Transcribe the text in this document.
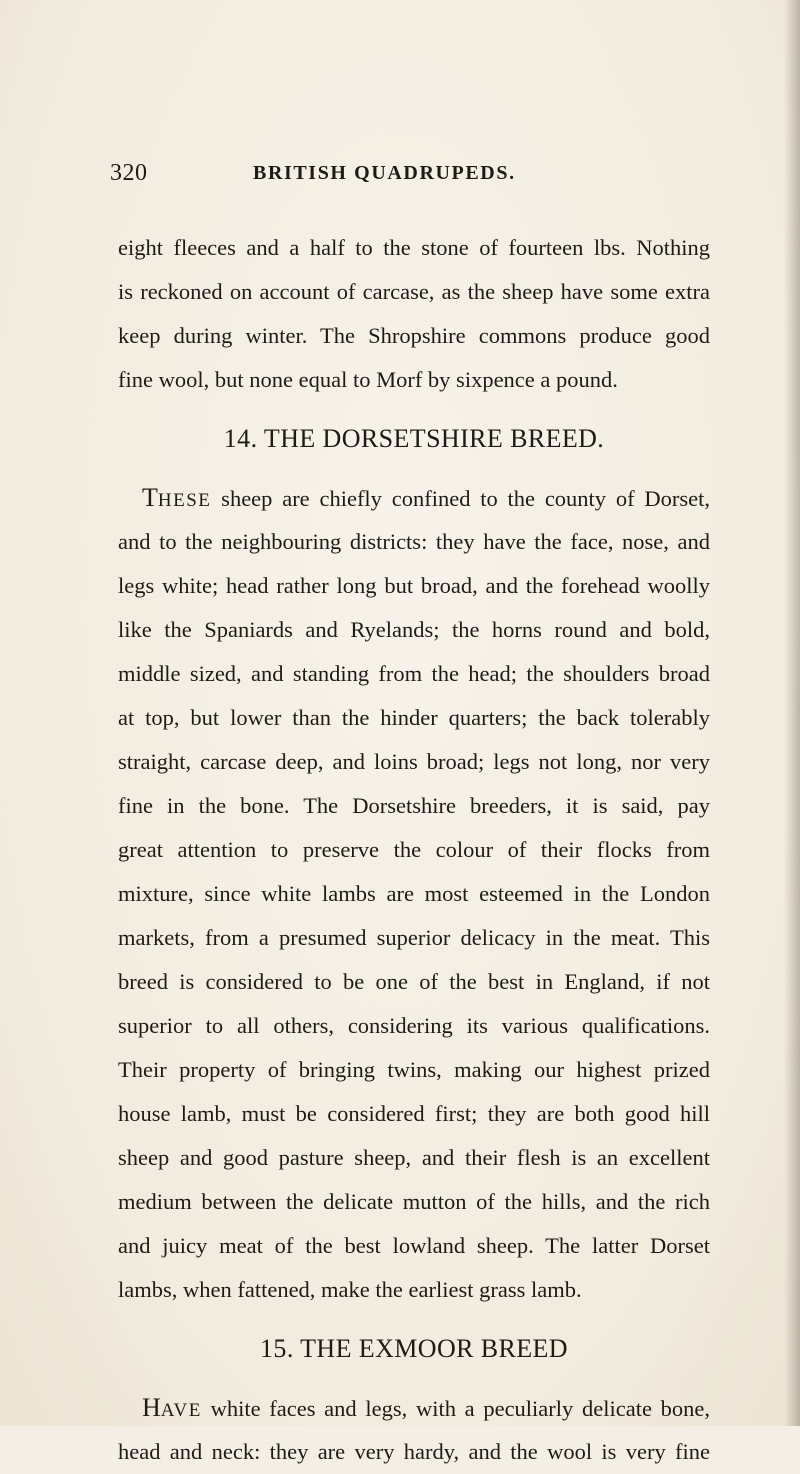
320	BRITISH QUADRUPEDS.
eight fleeces and a half to the stone of fourteen lbs. Nothing
is reckoned on account of carcase, as the sheep have some extra
keep during winter. The Shropshire commons produce good
fine wool, but none equal to Morf by sixpence a pound.
14. THE DORSETSHIRE BREED.
THESE sheep are chiefly confined to the county of Dorset,
and to the neighbouring districts: they have the face, nose, and
legs white; head rather long but broad, and the forehead woolly
like the Spaniards and Ryelands; the horns round and bold,
middle sized, and standing from the head; the shoulders broad
at top, but lower than the hinder quarters; the back tolerably
straight, carcase deep, and loins broad; legs not long, nor very
fine in the bone. The Dorsetshire breeders, it is said, pay
great attention to preserve the colour of their flocks from
mixture, since white lambs are most esteemed in the London
markets, from a presumed superior delicacy in the meat. This
breed is considered to be one of the best in England, if not
superior to all others, considering its various qualifications.
Their property of bringing twins, making our highest prized
house lamb, must be considered first; they are both good hill
sheep and good pasture sheep, and their flesh is an excellent
medium between the delicate mutton of the hills, and the rich
and juicy meat of the best lowland sheep. The latter Dorset
lambs, when fattened, make the earliest grass lamb.
15. THE EXMOOR BREED
HAVE white faces and legs, with a peculiarly delicate bone,
head and neck: they are very hardy, and the wool is very fine
